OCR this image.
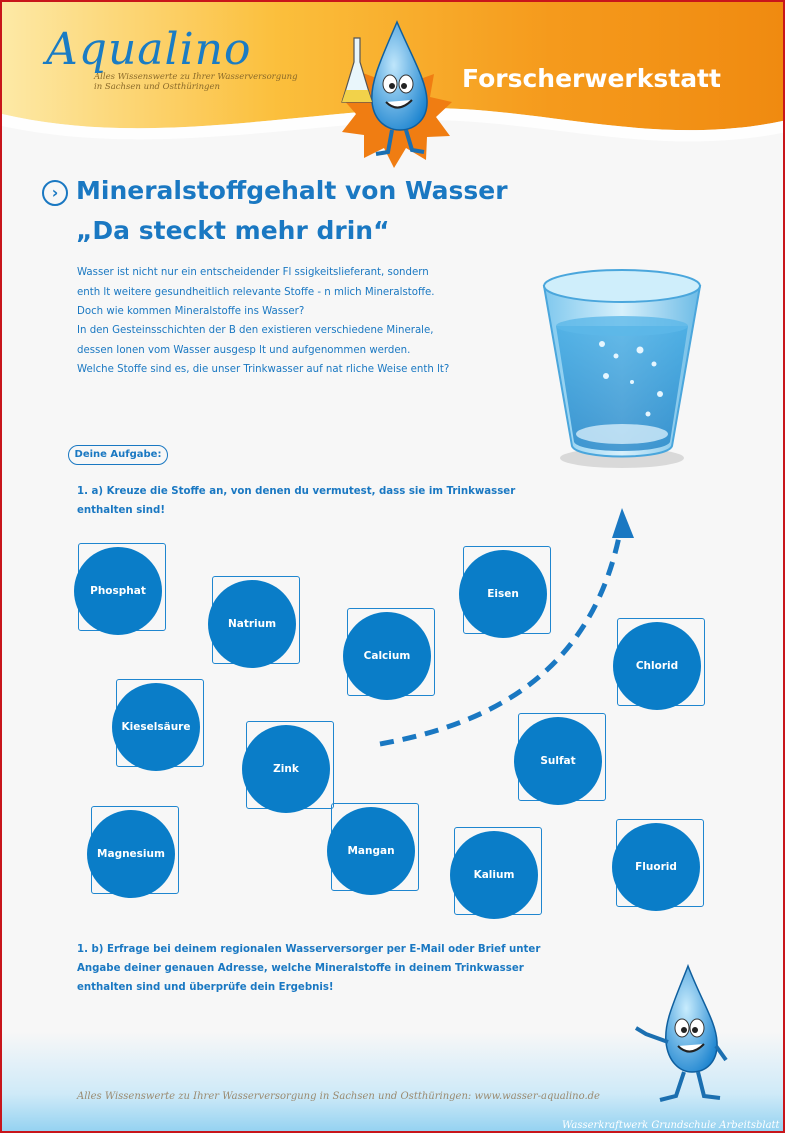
Aqualino
Alles Wissenswerte zu Ihrer Wasserversorgung in Sachsen und Ostthüringen	Forscherwerkstatt
› Mineralstoffgehalt von Wasser
„Da steckt mehr drin“

Wasser ist nicht nur ein entscheidender Fl ssigkeitslieferant, sondern

enth lt weitere gesundheitlich relevante Stoffe - n mlich Mineralstoffe.

Doch wie kommen Mineralstoffe ins Wasser?

In den Gesteinsschichten der B den existieren verschiedene Minerale,

dessen Ionen vom Wasser ausgesp lt und aufgenommen werden.

Welche Stoffe sind es, die unser Trinkwasser auf nat rliche Weise enth lt?

Deine Aufgabe:

1. a) Kreuze die Stoffe an, von denen du vermutest, dass sie im Trinkwasser

enthalten sind!

Phosphat
Natrium
Calcium
Eisen
Chlorid
Kieselsäure
Zink
Sulfat
Magnesium	Mangan
Kalium
Fluorid

1. b) Erfrage bei deinem regionalen Wasserversorger per E-Mail oder Brief unter

Angabe deiner genauen Adresse, welche Mineralstoffe in deinem Trinkwasser

enthalten sind und überprüfe dein Ergebnis!

Alles Wissenswerte zu Ihrer Wasserversorgung in Sachsen und Ostthüringen: www.wasser-aqualino.de
Wasserkraftwerk Grundschule Arbeitsblatt
